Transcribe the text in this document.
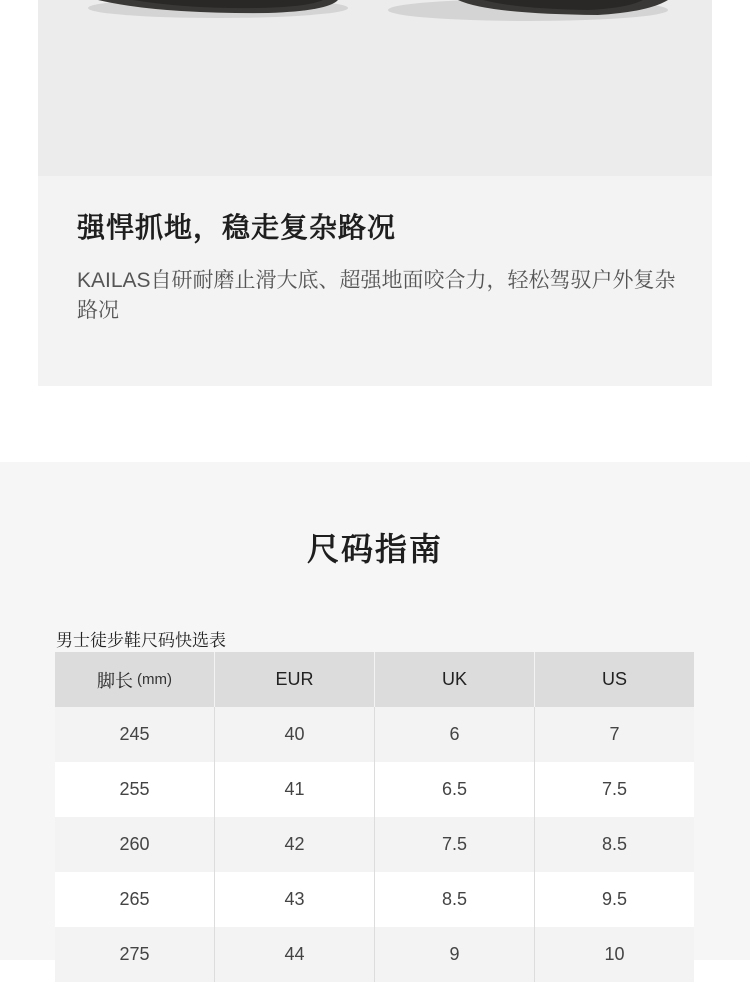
强悍抓地，稳走复杂路况
KAILAS自研耐磨止滑大底、超强地面咬合力，轻松驾驭户外复杂路况
尺码指南
男士徒步鞋尺码快选表
脚长 (mm)	EUR	UK	US
245	40	6	7
255	41	6.5	7.5
260	42	7.5	8.5
265	43	8.5	9.5
275	44	9	10
